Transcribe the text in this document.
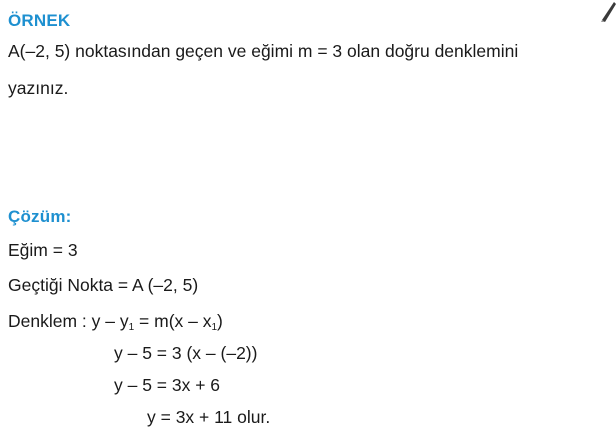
ÖRNEK
A(–2, 5) noktasından geçen ve eğimi m = 3 olan doğru denklemini
yazınız.
Çözüm:
Eğim = 3
Geçtiği Nokta = A (–2, 5)
Denklem : $y - y_1 = m(x - x_1)$
y – 5 = 3 (x – (–2))
y – 5 = 3x + 6
y = 3x + 11 olur.
